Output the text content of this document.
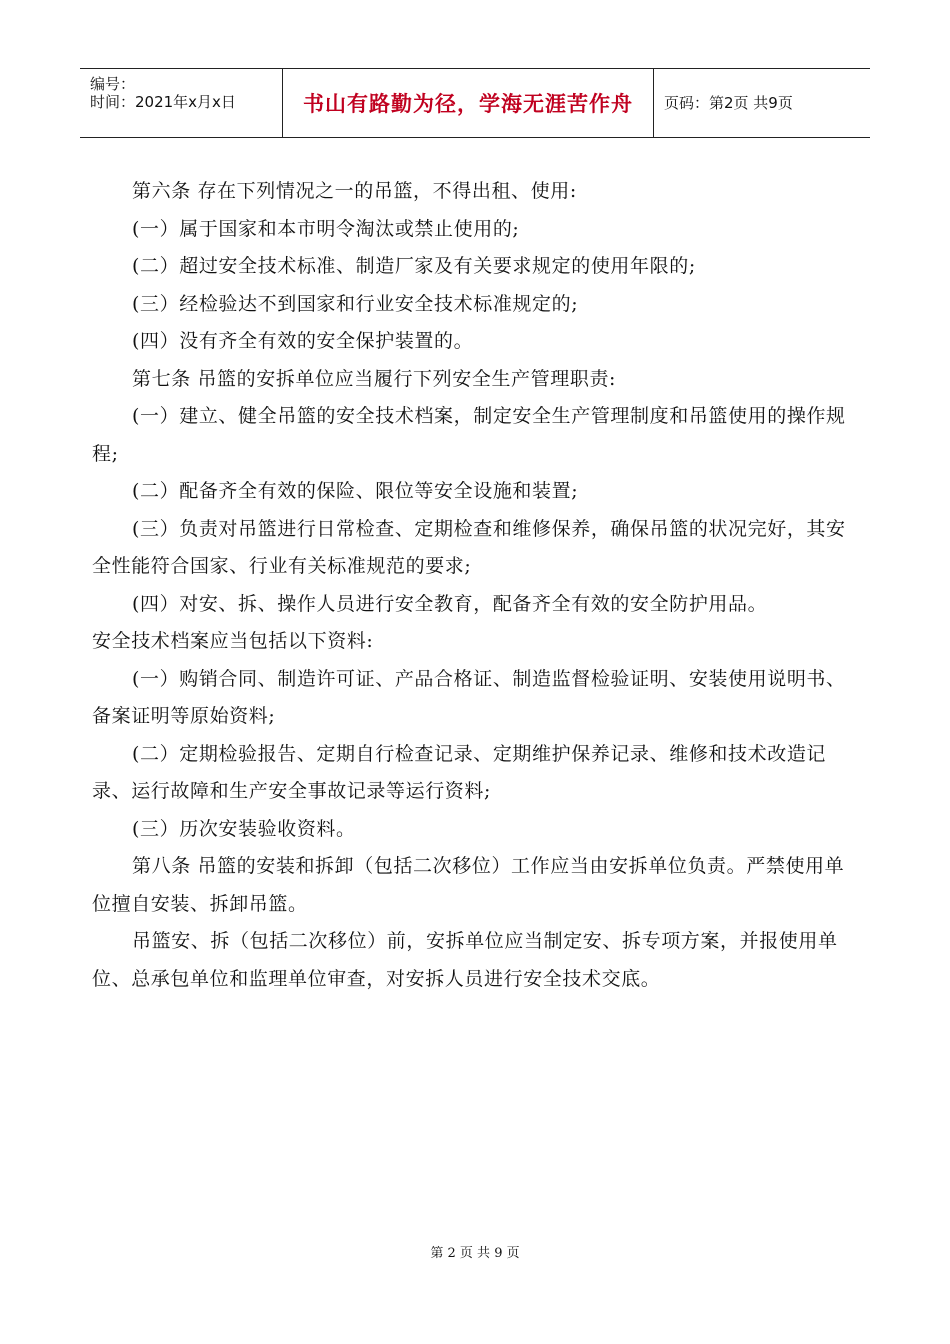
编号：
时间：2021年x月x日	书山有路勤为径，学海无涯苦作舟	页码：第2页 共9页

第六条 存在下列情况之一的吊篮，不得出租、使用:

(一）属于国家和本市明令淘汰或禁止使用的;

(二）超过安全技术标准、制造厂家及有关要求规定的使用年限的;

(三）经检验达不到国家和行业安全技术标准规定的;

(四）没有齐全有效的安全保护装置的。

第七条 吊篮的安拆单位应当履行下列安全生产管理职责:

(一）建立、健全吊篮的安全技术档案，制定安全生产管理制度和吊篮使用的操作规程;

(二）配备齐全有效的保险、限位等安全设施和装置;

(三）负责对吊篮进行日常检查、定期检查和维修保养，确保吊篮的状况完好，其安全性能符合国家、行业有关标准规范的要求;

(四）对安、拆、操作人员进行安全教育，配备齐全有效的安全防护用品。

安全技术档案应当包括以下资料:

(一）购销合同、制造许可证、产品合格证、制造监督检验证明、安装使用说明书、备案证明等原始资料;

(二）定期检验报告、定期自行检查记录、定期维护保养记录、维修和技术改造记录、运行故障和生产安全事故记录等运行资料;

(三）历次安装验收资料。

第八条 吊篮的安装和拆卸（包括二次移位）工作应当由安拆单位负责。严禁使用单位擅自安装、拆卸吊篮。

吊篮安、拆（包括二次移位）前，安拆单位应当制定安、拆专项方案，并报使用单位、总承包单位和监理单位审查，对安拆人员进行安全技术交底。

第 2 页 共 9 页
